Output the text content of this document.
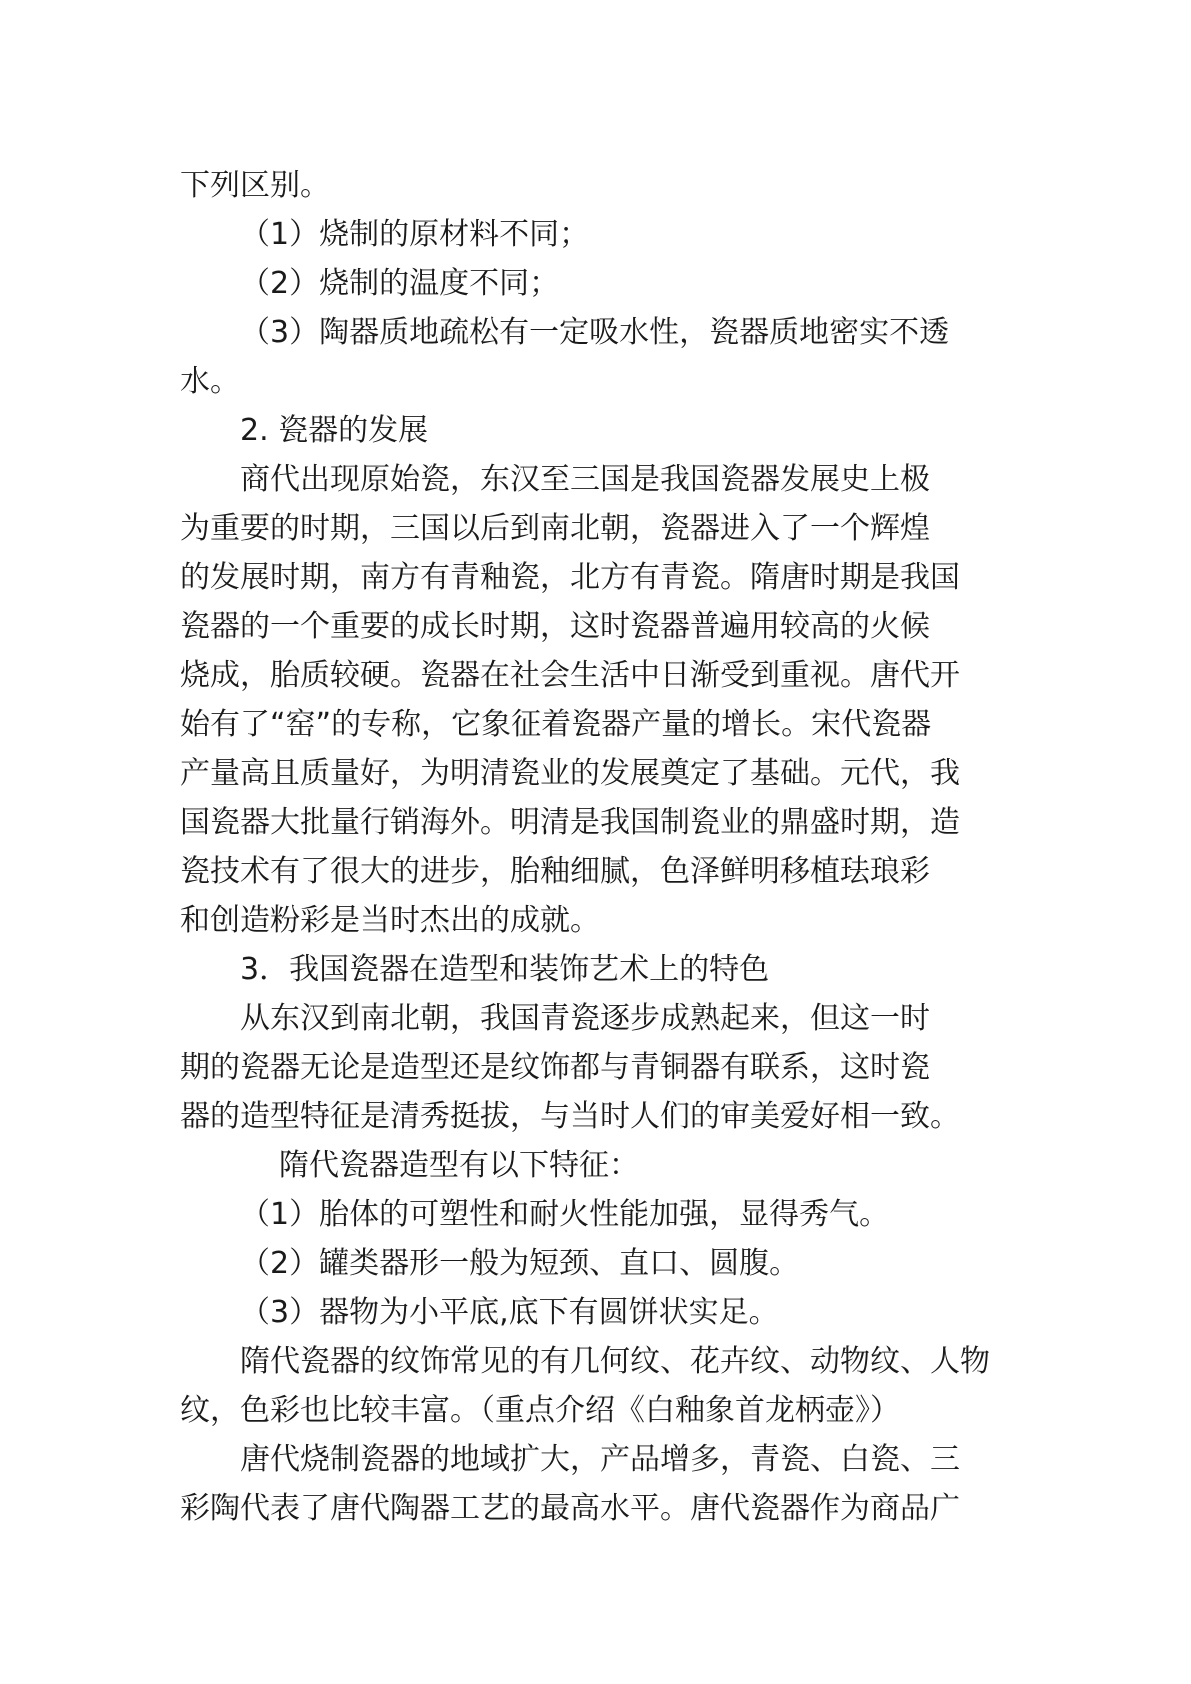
下列区别。
（1）烧制的原材料不同；
（2）烧制的温度不同；
（3）陶器质地疏松有一定吸水性，瓷器质地密实不透
水。
2. 瓷器的发展
商代出现原始瓷，东汉至三国是我国瓷器发展史上极
为重要的时期，三国以后到南北朝，瓷器进入了一个辉煌
的发展时期，南方有青釉瓷，北方有青瓷。隋唐时期是我国
瓷器的一个重要的成长时期，这时瓷器普遍用较高的火候
烧成，胎质较硬。瓷器在社会生活中日渐受到重视。唐代开
始有了“窑”的专称，它象征着瓷器产量的增长。宋代瓷器
产量高且质量好，为明清瓷业的发展奠定了基础。元代，我
国瓷器大批量行销海外。明清是我国制瓷业的鼎盛时期，造
瓷技术有了很大的进步，胎釉细腻，色泽鲜明移植珐琅彩
和创造粉彩是当时杰出的成就。
3．我国瓷器在造型和装饰艺术上的特色
从东汉到南北朝，我国青瓷逐步成熟起来，但这一时
期的瓷器无论是造型还是纹饰都与青铜器有联系，这时瓷
器的造型特征是清秀挺拔，与当时人们的审美爱好相一致。
隋代瓷器造型有以下特征：
（1）胎体的可塑性和耐火性能加强，显得秀气。
（2）罐类器形一般为短颈、直口、圆腹。
（3）器物为小平底,底下有圆饼状实足。
隋代瓷器的纹饰常见的有几何纹、花卉纹、动物纹、人物
纹，色彩也比较丰富。（重点介绍《白釉象首龙柄壶》）
唐代烧制瓷器的地域扩大，产品增多，青瓷、白瓷、三
彩陶代表了唐代陶器工艺的最高水平。唐代瓷器作为商品广
